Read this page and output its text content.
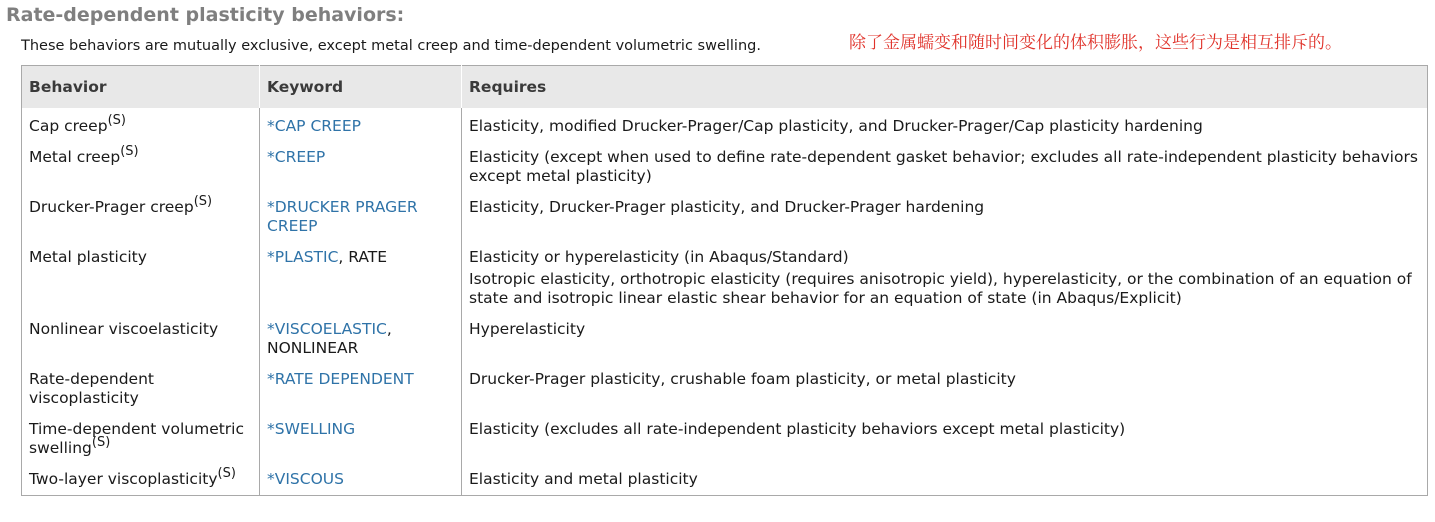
Rate-dependent plasticity behaviors:

These behaviors are mutually exclusive, except metal creep and time-dependent volumetric swelling.	除了金属蠕变和随时间变化的体积膨胀，这些行为是相互排斥的。

Behavior	Keyword	Requires
Cap creep$^{(S)}$	*CAP CREEP	Elasticity, modified Drucker-Prager/Cap plasticity, and Drucker-Prager/Cap plasticity hardening
Metal creep$^{(S)}$	*CREEP	Elasticity (except when used to define rate-dependent gasket behavior; excludes all rate-independent plasticity behaviors except metal plasticity)
Drucker-Prager creep$^{(S)}$	*DRUCKER PRAGER CREEP	Elasticity, Drucker-Prager plasticity, and Drucker-Prager hardening
Metal plasticity	*PLASTIC, RATE	Elasticity or hyperelasticity (in Abaqus/Standard)
		Isotropic elasticity, orthotropic elasticity (requires anisotropic yield), hyperelasticity, or the combination of an equation of state and isotropic linear elastic shear behavior for an equation of state (in Abaqus/Explicit)
Nonlinear viscoelasticity	*VISCOELASTIC, NONLINEAR	Hyperelasticity
Rate-dependent viscoplasticity	*RATE DEPENDENT	Drucker-Prager plasticity, crushable foam plasticity, or metal plasticity
Time-dependent volumetric swelling$^{(S)}$	*SWELLING	Elasticity (excludes all rate-independent plasticity behaviors except metal plasticity)
Two-layer viscoplasticity$^{(S)}$	*VISCOUS	Elasticity and metal plasticity
